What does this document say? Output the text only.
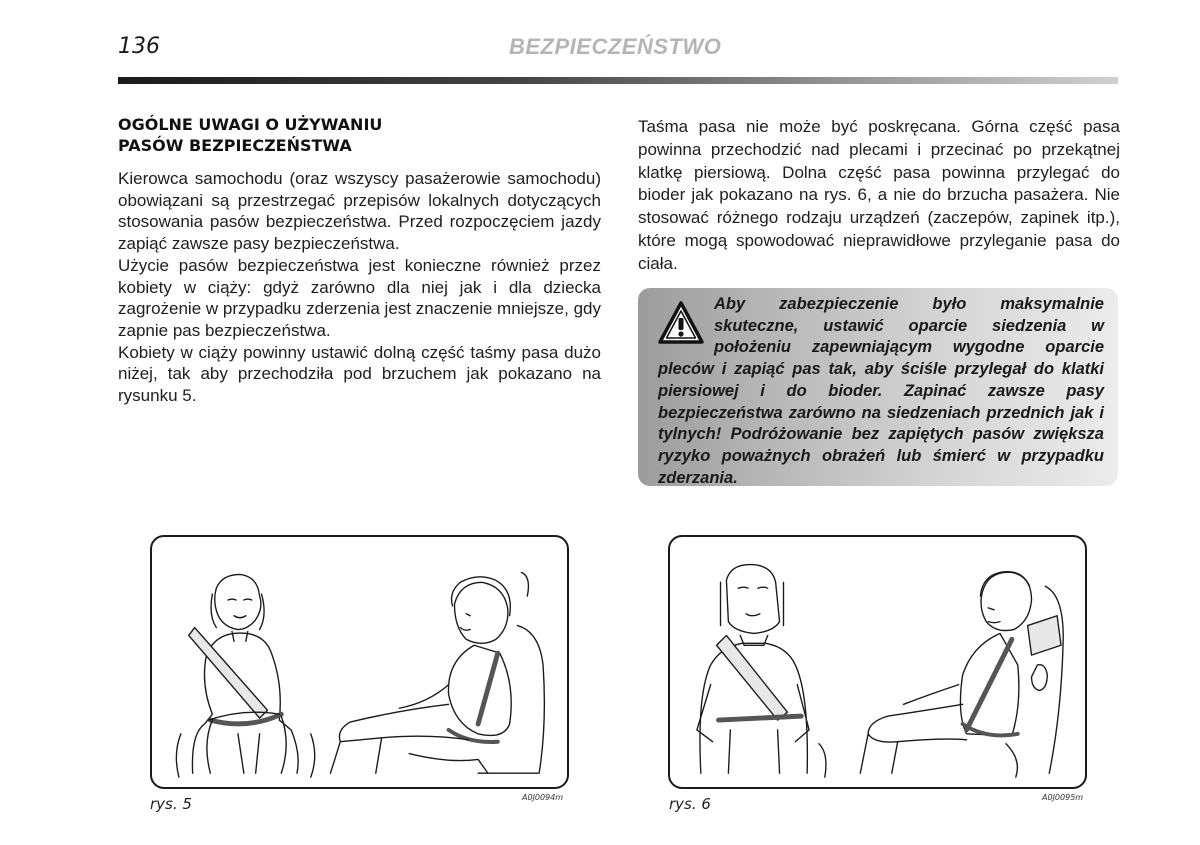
136	BEZPIECZEŃSTWO
OGÓLNE UWAGI O UŻYWANIU
PASÓW BEZPIECZEŃSTWA

Kierowca samochodu (oraz wszyscy pasażerowie samochodu) obowiązani są przestrzegać przepisów lokalnych dotyczących stosowania pasów bezpieczeństwa. Przed rozpoczęciem jazdy zapiąć zawsze pasy bezpieczeństwa.

Użycie pasów bezpieczeństwa jest konieczne również przez kobiety w ciąży: gdyż zarówno dla niej jak i dla dziecka zagrożenie w przypadku zderzenia jest znaczenie mniejsze, gdy zapnie pas bezpieczeństwa.

Kobiety w ciąży powinny ustawić dolną część taśmy pasa dużo niżej, tak aby przechodziła pod brzuchem jak pokazano na rysunku 5.

Taśma pasa nie może być poskręcana. Górna część pasa powinna przechodzić nad plecami i przecinać po przekątnej klatkę piersiową. Dolna część pasa powinna przylegać do bioder jak pokazano na rys. 6, a nie do brzucha pasażera. Nie stosować różnego rodzaju urządzeń (zaczepów, zapinek itp.), które mogą spowodować nieprawidłowe przyleganie pasa do ciała.

Aby zabezpieczenie było maksymalnie skuteczne, ustawić oparcie siedzenia w położeniu zapewniającym wygodne oparcie pleców i zapiąć pas tak, aby ściśle przylegał do klatki piersiowej i do bioder. Zapinać zawsze pasy bezpieczeństwa zarówno na siedzeniach przednich jak i tylnych! Podróżowanie bez zapiętych pasów zwiększa ryzyko poważnych obrażeń lub śmierć w przypadku zderzania.

rys. 5	A0J0094m	rys. 6	A0J0095m
